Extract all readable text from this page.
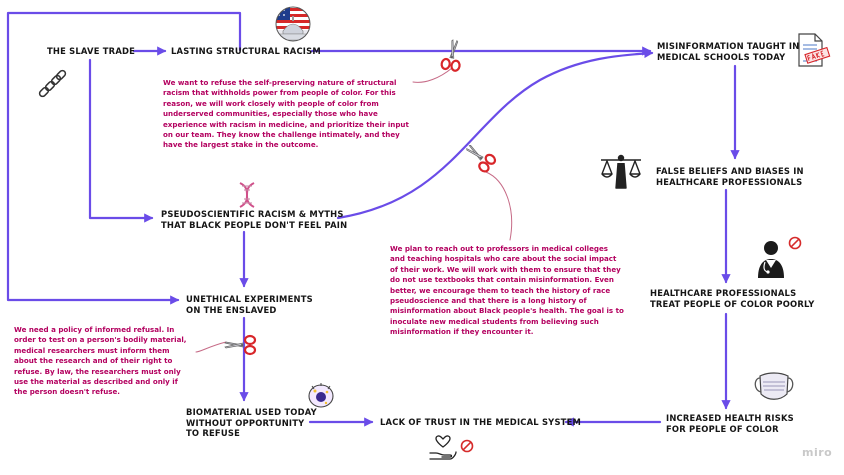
THE SLAVE TRADE	LASTING STRUCTURAL RACISM	MISINFORMATION TAUGHT IN
MEDICAL SCHOOLS TODAY
FALSE BELIEFS AND BIASES IN
HEALTHCARE PROFESSIONALS
HEALTHCARE PROFESSIONALS
TREAT PEOPLE OF COLOR POORLY
INCREASED HEALTH RISKS
FOR PEOPLE OF COLOR
LACK OF TRUST IN THE MEDICAL SYSTEM
BIOMATERIAL USED TODAY
WITHOUT OPPORTUNITY
TO REFUSE
UNETHICAL EXPERIMENTS
ON THE ENSLAVED
PSEUDOSCIENTIFIC RACISM & MYTHS
THAT BLACK PEOPLE DON'T FEEL PAIN
We want to refuse the self-preserving nature of structural
racism that withholds power from people of color. For this
reason, we will work closely with people of color from
underserved communities, especially those who have
experience with racism in medicine, and prioritize their input
on our team. They know the challenge intimately, and they
have the largest stake in the outcome.
We plan to reach out to professors in medical colleges
and teaching hospitals who care about the social impact
of their work. We will work with them to ensure that they
do not use textbooks that contain misinformation. Even
better, we encourage them to teach the history of race
pseudoscience and that there is a long history of
misinformation about Black people's health. The goal is to
inoculate new medical students from believing such
misinformation if they encounter it.
We need a policy of informed refusal. In
order to test on a person's bodily material,
medical researchers must inform them
about the research and of their right to
refuse. By law, the researchers must only
use the material as described and only if
the person doesn't refuse.
miro
